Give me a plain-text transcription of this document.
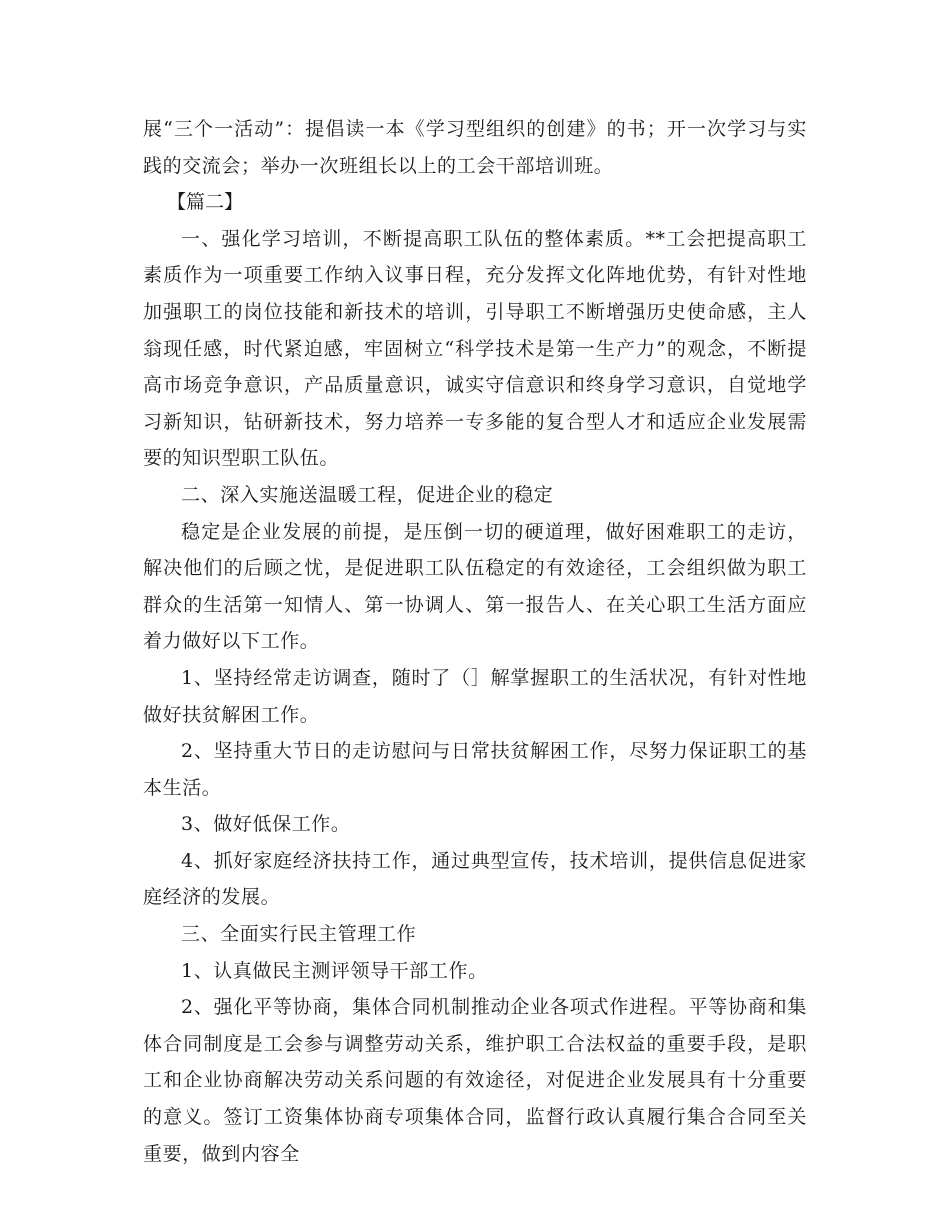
展“三个一活动”：提倡读一本《学习型组织的创建》的书；开一次学习与实践的交流会；举办一次班组长以上的工会干部培训班。

【篇二】

一、强化学习培训，不断提高职工队伍的整体素质。**工会把提高职工素质作为一项重要工作纳入议事日程，充分发挥文化阵地优势，有针对性地加强职工的岗位技能和新技术的培训，引导职工不断增强历史使命感，主人翁现任感，时代紧迫感，牢固树立“科学技术是第一生产力”的观念，不断提高市场竞争意识，产品质量意识，诚实守信意识和终身学习意识，自觉地学习新知识，钻研新技术，努力培养一专多能的复合型人才和适应企业发展需要的知识型职工队伍。

二、深入实施送温暖工程，促进企业的稳定

稳定是企业发展的前提，是压倒一切的硬道理，做好困难职工的走访，解决他们的后顾之忧，是促进职工队伍稳定的有效途径，工会组织做为职工群众的生活第一知情人、第一协调人、第一报告人、在关心职工生活方面应着力做好以下工作。

1、坚持经常走访调查，随时了（］解掌握职工的生活状况，有针对性地做好扶贫解困工作。

2、坚持重大节日的走访慰问与日常扶贫解困工作，尽努力保证职工的基本生活。

3、做好低保工作。

4、抓好家庭经济扶持工作，通过典型宣传，技术培训，提供信息促进家庭经济的发展。

三、全面实行民主管理工作

1、认真做民主测评领导干部工作。

2、强化平等协商，集体合同机制推动企业各项式作进程。平等协商和集体合同制度是工会参与调整劳动关系，维护职工合法权益的重要手段，是职工和企业协商解决劳动关系问题的有效途径，对促进企业发展具有十分重要的意义。签订工资集体协商专项集体合同，监督行政认真履行集合合同至关重要，做到内容全
